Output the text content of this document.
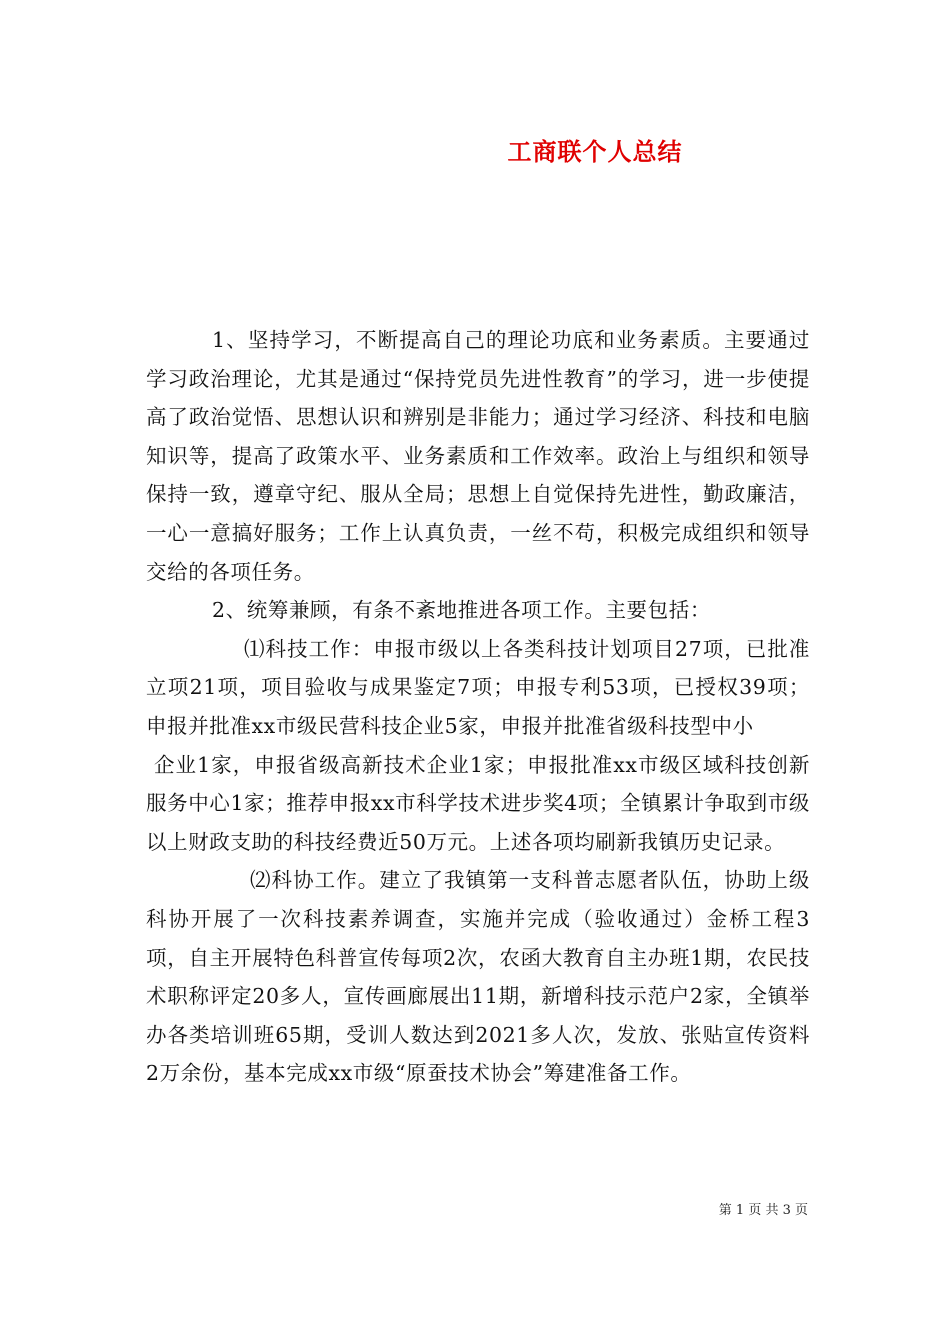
工商联个人总结

1、坚持学习，不断提高自己的理论功底和业务素质。主要通过学习政治理论，尤其是通过“保持党员先进性教育”的学习，进一步使提高了政治觉悟、思想认识和辨别是非能力；通过学习经济、科技和电脑知识等，提高了政策水平、业务素质和工作效率。政治上与组织和领导保持一致，遵章守纪、服从全局；思想上自觉保持先进性，勤政廉洁，一心一意搞好服务；工作上认真负责，一丝不苟，积极完成组织和领导交给的各项任务。

2、统筹兼顾，有条不紊地推进各项工作。主要包括：

⑴科技工作：申报市级以上各类科技计划项目27项，已批准立项21项，项目验收与成果鉴定7项；申报专利53项，已授权39项；申报并批准xx市级民营科技企业5家，申报并批准省级科技型中小

企业1家，申报省级高新技术企业1家；申报批准xx市级区域科技创新服务中心1家；推荐申报xx市科学技术进步奖4项；全镇累计争取到市级以上财政支助的科技经费近50万元。上述各项均刷新我镇历史记录。

⑵科协工作。建立了我镇第一支科普志愿者队伍，协助上级科协开展了一次科技素养调查，实施并完成（验收通过）金桥工程3项，自主开展特色科普宣传每项2次，农函大教育自主办班1期，农民技术职称评定20多人，宣传画廊展出11期，新增科技示范户2家，全镇举办各类培训班65期，受训人数达到2021多人次，发放、张贴宣传资料2万余份，基本完成xx市级“原蚕技术协会”筹建准备工作。

第 1 页 共 3 页
